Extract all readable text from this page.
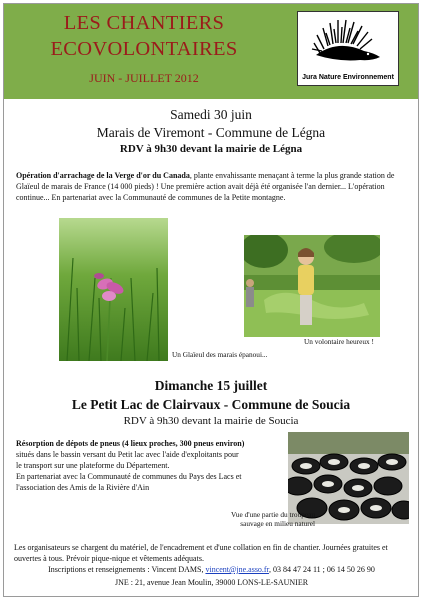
LES CHANTIERS
ECOVOLONTAIRES
JUIN - JUILLET 2012	Jura Nature Environnement
Samedi 30 juin
Marais de Viremont - Commune de Légna
RDV à 9h30 devant la mairie de Légna
Opération d'arrachage de la Verge d'or du Canada, plante envahissante menaçant à terme la plus grande station de Glaïeul de marais de France (14 000 pieds) ! Une première action avait déjà été organisée l'an dernier... L'opération continue... En partenariat avec la Communauté de communes de la Petite montagne.
Un Glaïeul des marais épanoui...
Un volontaire heureux !
Dimanche 15 juillet
Le Petit Lac de Clairvaux - Commune de Soucia
RDV à 9h30 devant la mairie de Soucia
Résorption de dépots de pneus (4 lieux proches, 300 pneus environ)
situés dans le bassin versant du Petit lac avec l'aide d'exploitants pour
le transport sur une plateforme du Département.
En partenariat avec la Communauté de communes du Pays des Lacs et
l'association des Amis de la Rivière d'Ain
Vue d'une partie du troupeau
sauvage en milieu naturel
Les organisateurs se chargent du matériel, de l'encadrement et d'une collation en fin de chantier. Journées gratuites et ouvertes à tous. Prévoir pique-nique et vêtements adéquats.
Inscriptions et renseignements : Vincent DAMS, vincent@jne.asso.fr, 03 84 47 24 11 ; 06 14 50 26 90
JNE : 21, avenue Jean Moulin, 39000 LONS-LE-SAUNIER
